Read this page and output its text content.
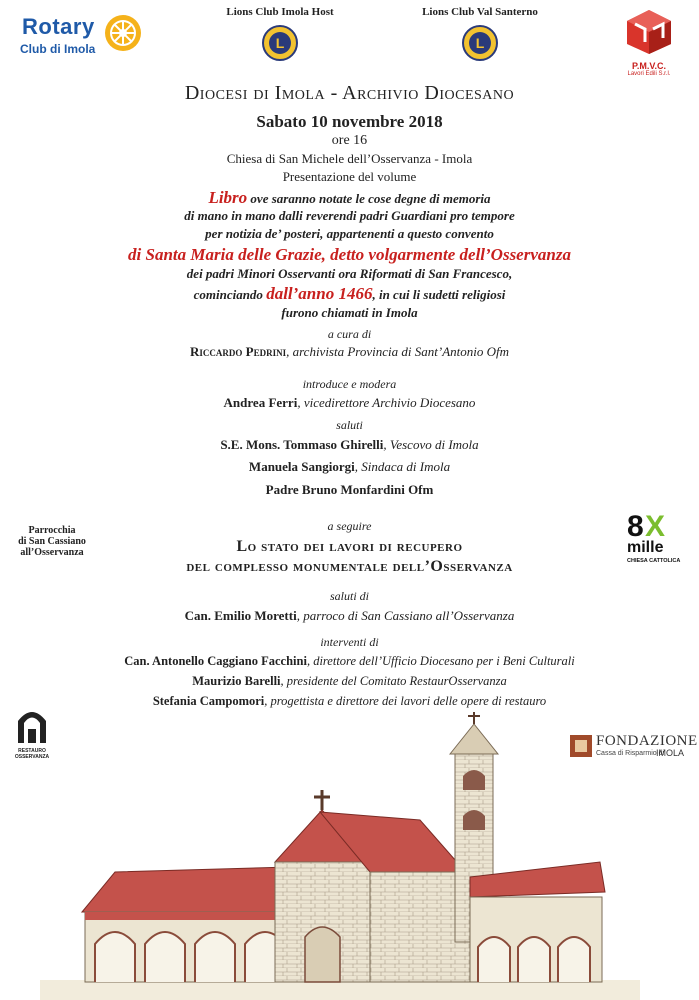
Rotary
Club di Imola
Lions Club Imola Host
L
Lions Club Val Santerno
L
P.M.V.C.
Lavori Edili S.r.l.
Diocesi di Imola - Archivio Diocesano
Sabato 10 novembre 2018
ore 16
Chiesa di San Michele dell’Osservanza - Imola
Presentazione del volume
Libro ove saranno notate le cose degne di memoria
di mano in mano dalli reverendi padri Guardiani pro tempore
per notizia de’ posteri, appartenenti a questo convento
di Santa Maria delle Grazie, detto volgarmente dell’Osservanza
dei padri Minori Osservanti ora Riformati di San Francesco,
cominciando dall’anno 1466, in cui li sudetti religiosi
furono chiamati in Imola
a cura di
Riccardo Pedrini, archivista Provincia di Sant’Antonio Ofm
introduce e modera
Andrea Ferri, vicedirettore Archivio Diocesano
saluti
S.E. Mons. Tommaso Ghirelli, Vescovo di Imola
Manuela Sangiorgi, Sindaca di Imola
Padre Bruno Monfardini Ofm
a seguire
Lo stato dei lavori di recupero
del complesso monumentale dell’Osservanza
saluti di
Can. Emilio Moretti, parroco di San Cassiano all’Osservanza
interventi di
Can. Antonello Caggiano Facchini, direttore dell’Ufficio Diocesano per i Beni Culturali
Maurizio Barelli, presidente del Comitato RestaurOsservanza
Stefania Campomori, progettista e direttore dei lavori delle opere di restauro
Parrocchia
di San Cassiano
all’Osservanza
8 X
mille
CHIESA CATTOLICA
RESTAURO
OSSERVANZA
FONDAZIONE
Cassa di Risparmio di
IMOLA
